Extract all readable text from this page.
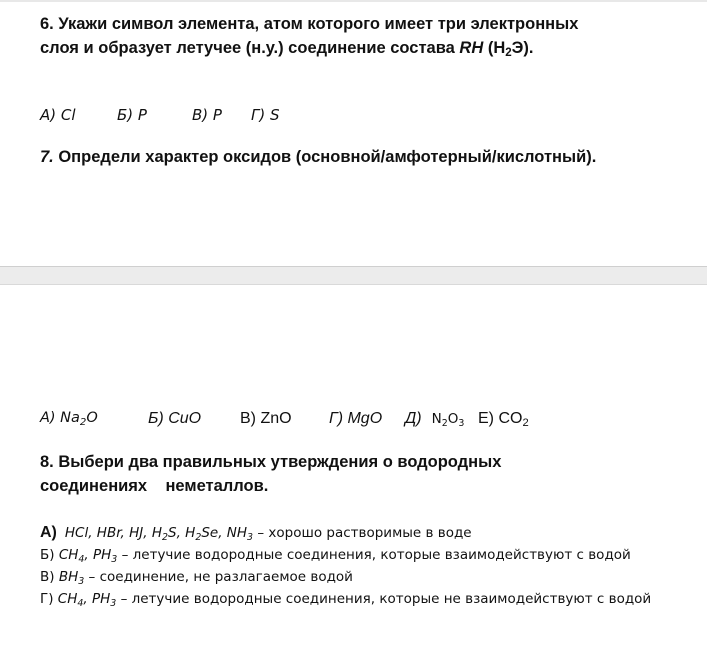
6. Укажи символ элемента, атом которого имеет три электронных
слоя и образует летучее (н.у.) соединение состава RH $(H_2Э)$.
А) Cl	Б) P	В) P Г) S
7. Определи характер оксидов (основной/амфотерный/кислотный).
А) $Na_2O$	Б) CuO В) ZnO Г) MgO Д) $N_2O_3$ Е) $CO_2$
8. Выбери два правильных утверждения о водородных
соединениях    неметаллов.
А) HCl, HBr, HJ, $H_2S$, $H_2Se$, $NH_3$ – хорошо растворимые в воде
Б) $CH_4$, $PH_3$ – летучие водородные соединения, которые взаимодействуют с водой
В) $BH_3$ – соединение, не разлагаемое водой
Г) $CH_4$, $PH_3$ – летучие водородные соединения, которые не взаимодействуют с водой
